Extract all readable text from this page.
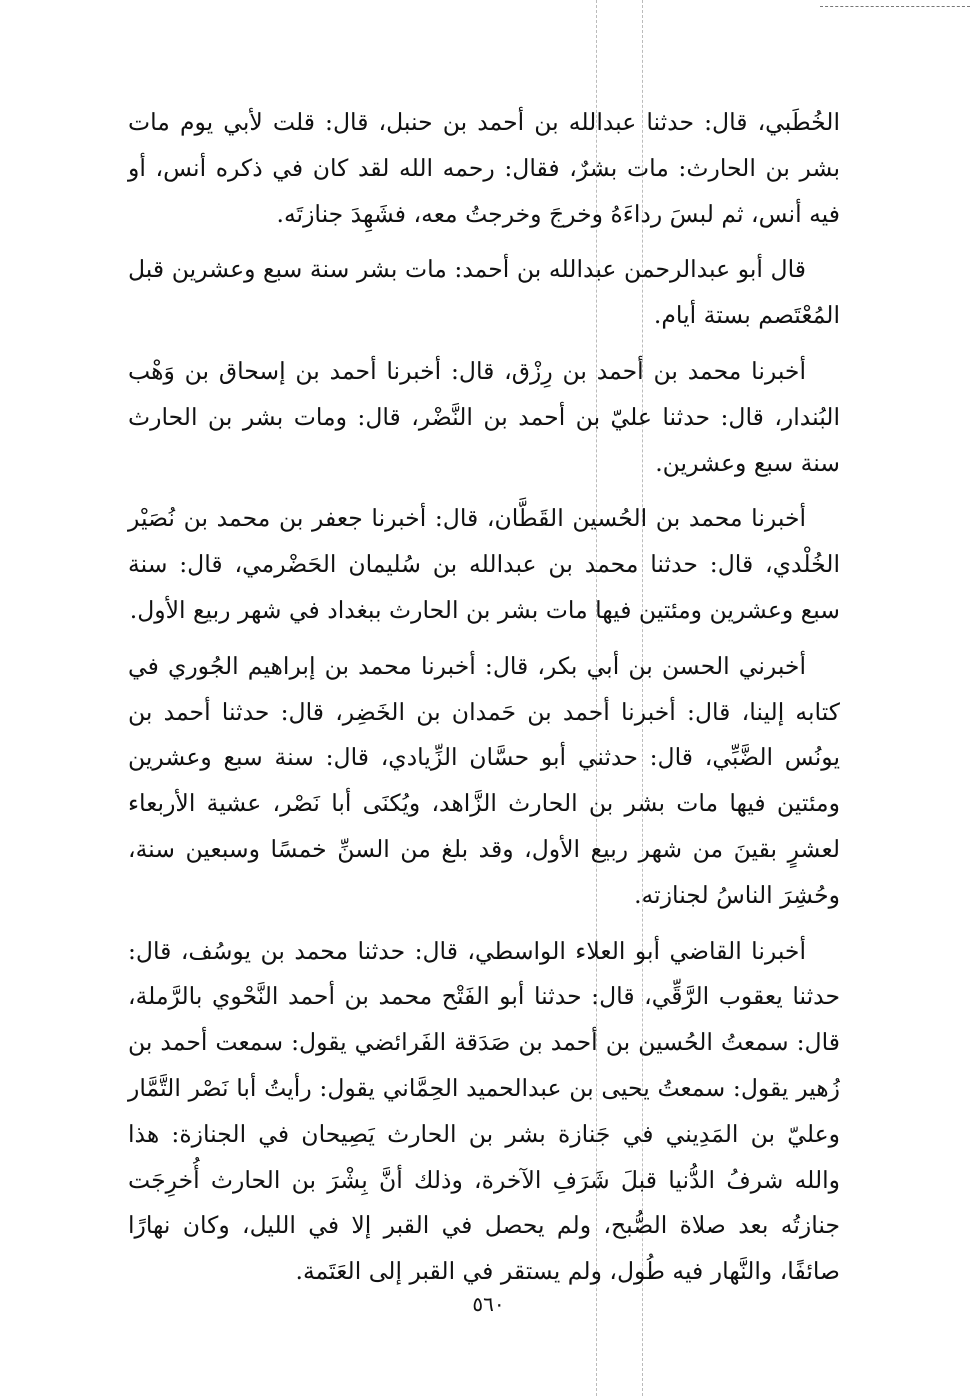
الخُطَبي، قال: حدثنا عبدالله بن أحمد بن حنبل، قال: قلت لأبي يوم مات بشر بن الحارث: مات بشرٌ، فقال: رحمه الله لقد كان في ذكره أنس، أو فيه أنس، ثم لبسَ رداءَهُ وخرجَ وخرجتُ معه، فشَهِدَ جنازتَه.

قال أبو عبدالرحمن عبدالله بن أحمد: مات بشر سنة سبع وعشرين قبل المُعْتَصم بستة أيام.

أخبرنا محمد بن أحمد بن رِزْق، قال: أخبرنا أحمد بن إسحاق بن وَهْب البُندار، قال: حدثنا عليّ بن أحمد بن النَّضْر، قال: ومات بشر بن الحارث سنة سبع وعشرين.

أخبرنا محمد بن الحُسين القَطَّان، قال: أخبرنا جعفر بن محمد بن نُصَيْر الخُلْدي، قال: حدثنا محمد بن عبدالله بن سُليمان الحَضْرمي، قال: سنة سبع وعشرين ومئتين فيها مات بشر بن الحارث ببغداد في شهر ربيع الأول.

أخبرني الحسن بن أبي بكر، قال: أخبرنا محمد بن إبراهيم الجُوري في كتابه إلينا، قال: أخبرنا أحمد بن حَمدان بن الخَضِر، قال: حدثنا أحمد بن يونُس الضَّبِّي، قال: حدثني أبو حسَّان الزِّيادي، قال: سنة سبع وعشرين ومئتين فيها مات بشر بن الحارث الزَّاهد، ويُكنَى أبا نَصْر، عشية الأربعاء لعشرٍ بقينَ من شهر ربيع الأول، وقد بلغ من السنِّ خمسًا وسبعين سنة، وحُشِرَ الناسُ لجنازته.

أخبرنا القاضي أبو العلاء الواسطي، قال: حدثنا محمد بن يوسُف، قال: حدثنا يعقوب الرَّقِّي، قال: حدثنا أبو الفَتْح محمد بن أحمد النَّحْوي بالرَّملة، قال: سمعتُ الحُسين بن أحمد بن صَدَقة الفَرائضي يقول: سمعت أحمد بن زُهير يقول: سمعتُ يحيى بن عبدالحميد الحِمَّاني يقول: رأيتُ أبا نَصْر التَّمَّار وعليّ بن المَدِيني في جَنازة بشر بن الحارث يَصِيحان في الجنازة: هذا والله شرفُ الدُّنيا قبلَ شَرَفِ الآخرة، وذلك أنَّ بِشْرَ بن الحارث أُخرِجَت جنازتُه بعد صلاة الصُّبح، ولم يحصل في القبر إلا في الليل، وكان نهارًا صائفًا، والنَّهار فيه طُول، ولم يستقر في القبر إلى العَتَمة.

٥٦٠
